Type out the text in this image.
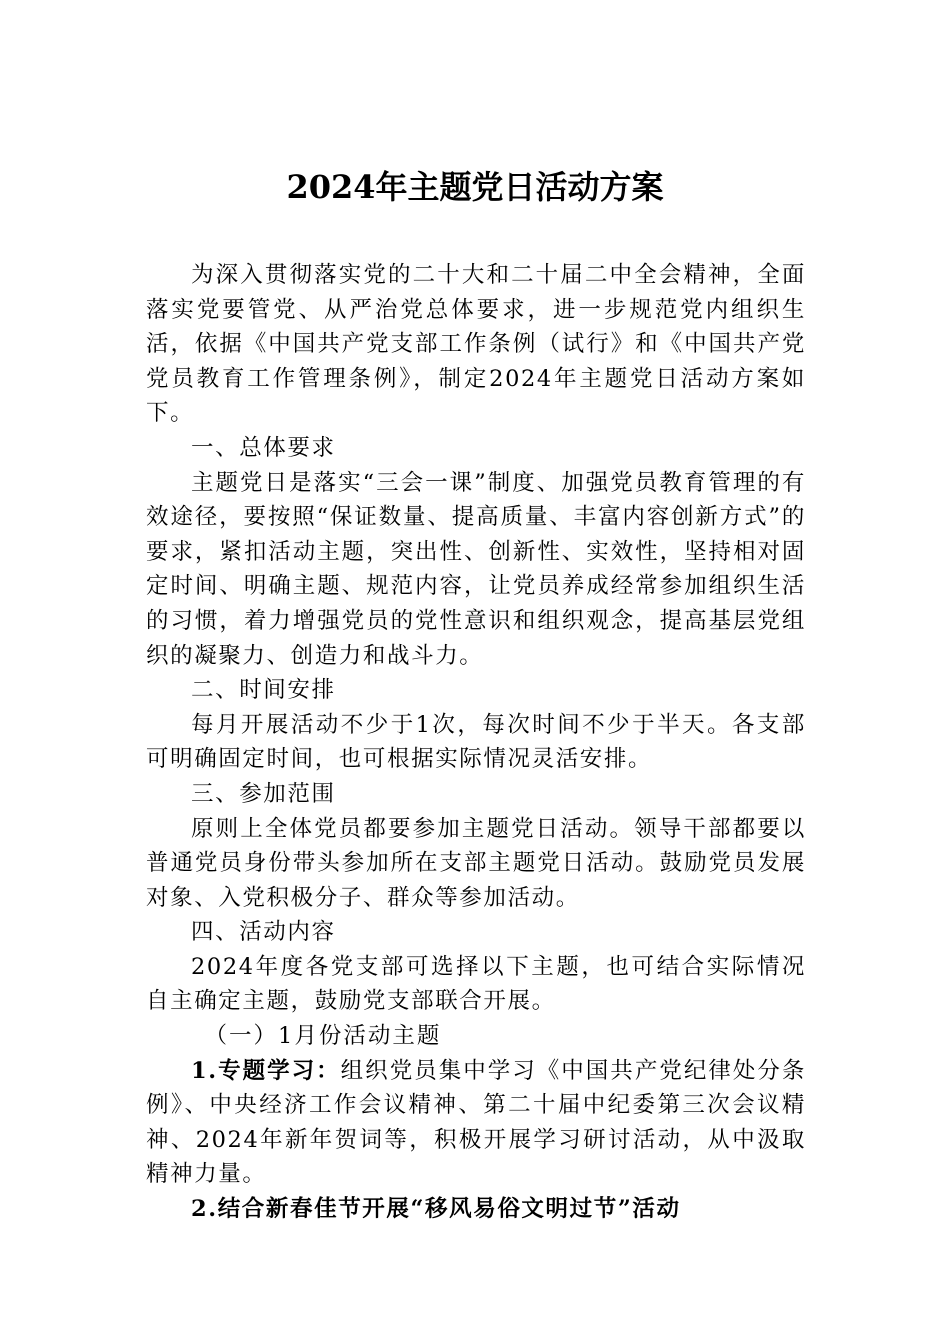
2024年主题党日活动方案

为深入贯彻落实党的二十大和二十届二中全会精神，全面落实党要管党、从严治党总体要求，进一步规范党内组织生活，依据《中国共产党支部工作条例（试行》和《中国共产党党员教育工作管理条例》，制定2024年主题党日活动方案如下。

一、总体要求

主题党日是落实“三会一课”制度、加强党员教育管理的有效途径，要按照“保证数量、提高质量、丰富内容创新方式”的要求，紧扣活动主题，突出性、创新性、实效性，坚持相对固定时间、明确主题、规范内容，让党员养成经常参加组织生活的习惯，着力增强党员的党性意识和组织观念，提高基层党组织的凝聚力、创造力和战斗力。

二、时间安排

每月开展活动不少于1次，每次时间不少于半天。各支部可明确固定时间，也可根据实际情况灵活安排。

三、参加范围

原则上全体党员都要参加主题党日活动。领导干部都要以普通党员身份带头参加所在支部主题党日活动。鼓励党员发展对象、入党积极分子、群众等参加活动。

四、活动内容

2024年度各党支部可选择以下主题，也可结合实际情况自主确定主题，鼓励党支部联合开展。

（一）1月份活动主题

1.专题学习：组织党员集中学习《中国共产党纪律处分条例》、中央经济工作会议精神、第二十届中纪委第三次会议精神、2024年新年贺词等，积极开展学习研讨活动，从中汲取精神力量。

2.结合新春佳节开展“移风易俗文明过节”活动
